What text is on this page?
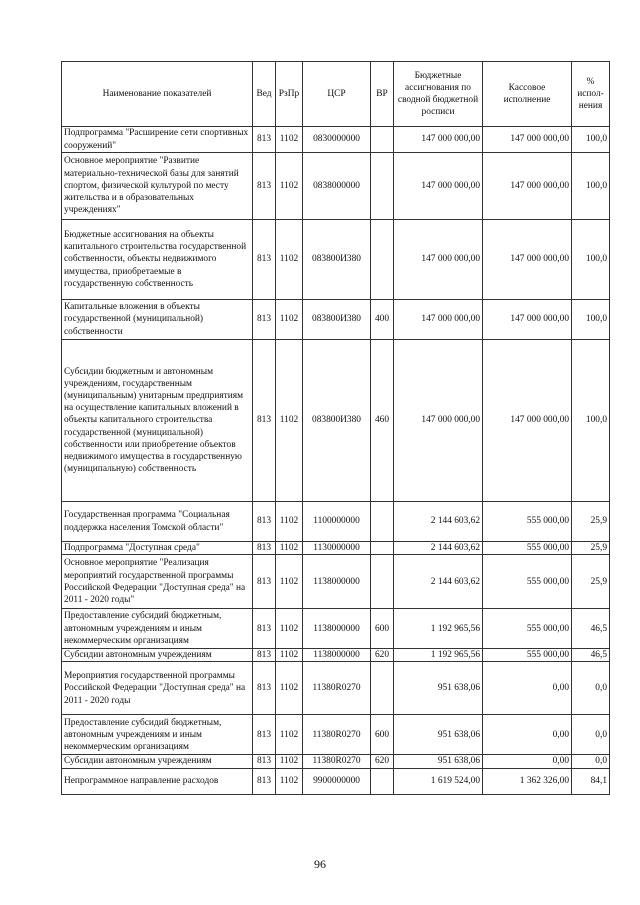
Наименование показателей	Вед	РзПр	ЦСР	ВР	Бюджетные ассигнования по сводной бюджетной росписи	Кассовое исполнение	% испол-нения
Подпрограмма "Расширение сети спортивных сооружений"	813	1102	0830000000		147 000 000,00	147 000 000,00	100,0
Основное мероприятие "Развитие материально-технической базы для занятий спортом, физической культурой по месту жительства и в образовательных учреждениях"	813	1102	0838000000		147 000 000,00	147 000 000,00	100,0
Бюджетные ассигнования на объекты капитального строительства государственной собственности, объекты недвижимого имущества, приобретаемые в государственную собственность	813	1102	083800И380		147 000 000,00	147 000 000,00	100,0
Капитальные вложения в объекты государственной (муниципальной) собственности	813	1102	083800И380	400	147 000 000,00	147 000 000,00	100,0
Субсидии бюджетным и автономным учреждениям, государственным (муниципальным) унитарным предприятиям на осуществление капитальных вложений в объекты капитального строительства государственной (муниципальной) собственности или приобретение объектов недвижимого имущества в государственную (муниципальную) собственность	813	1102	083800И380	460	147 000 000,00	147 000 000,00	100,0
Государственная программа "Социальная поддержка населения Томской области"	813	1102	1100000000		2 144 603,62	555 000,00	25,9
Подпрограмма "Доступная среда"	813	1102	1130000000		2 144 603,62	555 000,00	25,9
Основное мероприятие "Реализация мероприятий государственной программы Российской Федерации "Доступная среда" на 2011 - 2020 годы"	813	1102	1138000000		2 144 603,62	555 000,00	25,9
Предоставление субсидий бюджетным, автономным учреждениям и иным некоммерческим организациям	813	1102	1138000000	600	1 192 965,56	555 000,00	46,5
Субсидии автономным учреждениям	813	1102	1138000000	620	1 192 965,56	555 000,00	46,5
Мероприятия государственной программы Российской Федерации "Доступная среда" на 2011 - 2020 годы	813	1102	11380R0270		951 638,06	0,00	0,0
Предоставление субсидий бюджетным, автономным учреждениям и иным некоммерческим организациям	813	1102	11380R0270	600	951 638,06	0,00	0,0
Субсидии автономным учреждениям	813	1102	11380R0270	620	951 638,06	0,00	0,0
Непрограммное направление расходов	813	1102	9900000000		1 619 524,00	1 362 326,00	84,1
96
